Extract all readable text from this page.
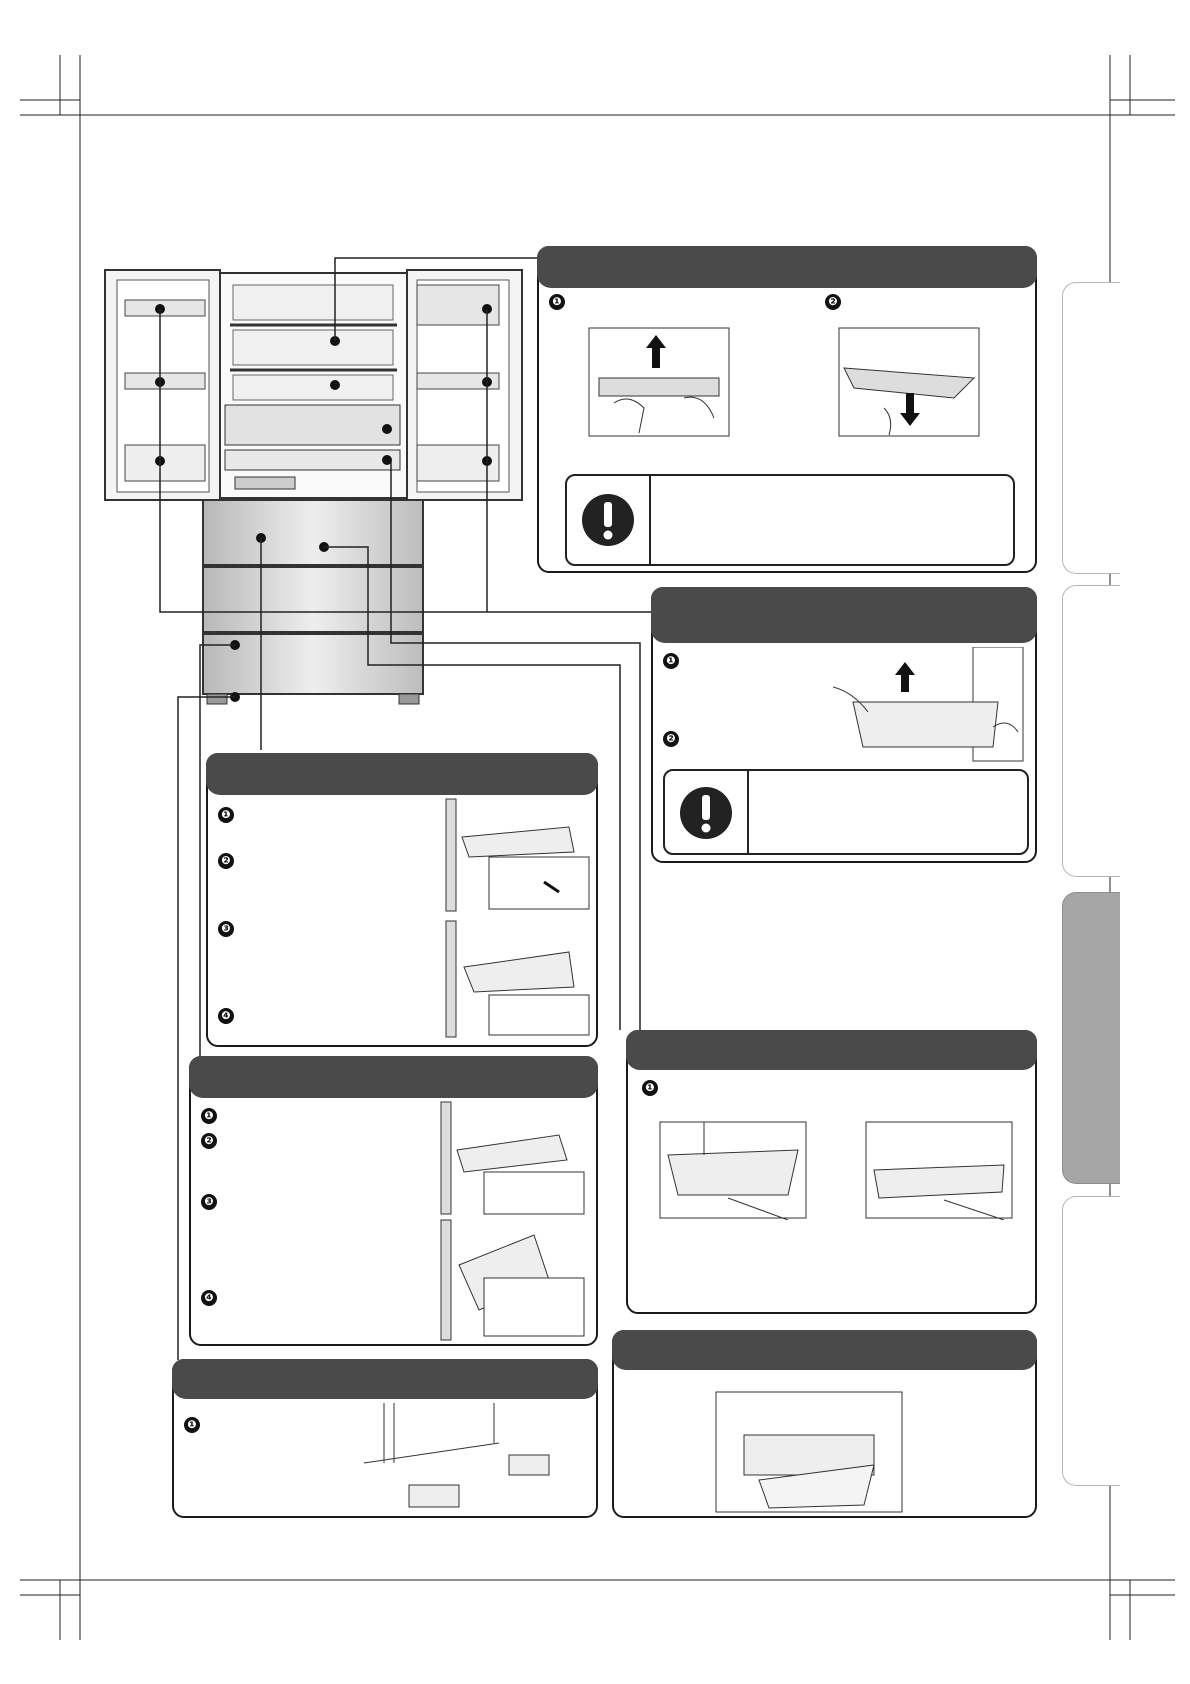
❶	❷
❶
❷
❶
❷
❸
❹
❶
❷
❸
❹
❶
❶
